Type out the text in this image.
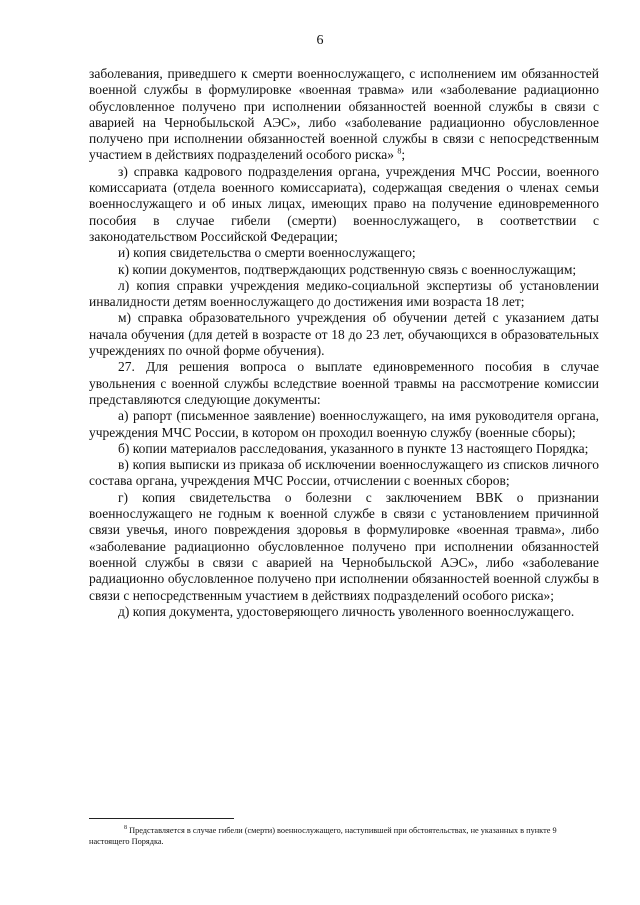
6

заболевания, приведшего к смерти военнослужащего, с исполнением им обязанностей военной службы в формулировке «военная травма» или «заболевание радиационно обусловленное получено при исполнении обязанностей военной службы в связи с аварией на Чернобыльской АЭС», либо «заболевание радиационно обусловленное получено при исполнении обязанностей военной службы в связи с непосредственным участием в действиях подразделений особого риска» $^8$;

з) справка кадрового подразделения органа, учреждения МЧС России, военного комиссариата (отдела военного комиссариата), содержащая сведения о членах семьи военнослужащего и об иных лицах, имеющих право на получение единовременного пособия в случае гибели (смерти) военнослужащего, в соответствии с законодательством Российской Федерации;

и) копия свидетельства о смерти военнослужащего;

к) копии документов, подтверждающих родственную связь с военнослужащим;

л) копия справки учреждения медико-социальной экспертизы об установлении инвалидности детям военнослужащего до достижения ими возраста 18 лет;

м) справка образовательного учреждения об обучении детей с указанием даты начала обучения (для детей в возрасте от 18 до 23 лет, обучающихся в образовательных учреждениях по очной форме обучения).

27. Для решения вопроса о выплате единовременного пособия в случае увольнения с военной службы вследствие военной травмы на рассмотрение комиссии представляются следующие документы:

а) рапорт (письменное заявление) военнослужащего, на имя руководителя органа, учреждения МЧС России, в котором он проходил военную службу (военные сборы);

б) копии материалов расследования, указанного в пункте 13 настоящего Порядка;

в) копия выписки из приказа об исключении военнослужащего из списков личного состава органа, учреждения МЧС России, отчислении с военных сборов;

г) копия свидетельства о болезни с заключением ВВК о признании военнослужащего не годным к военной службе в связи с установлением причинной связи увечья, иного повреждения здоровья в формулировке «военная травма», либо «заболевание радиационно обусловленное получено при исполнении обязанностей военной службы в связи с аварией на Чернобыльской АЭС», либо «заболевание радиационно обусловленное получено при исполнении обязанностей военной службы в связи с непосредственным участием в действиях подразделений особого риска»;

д) копия документа, удостоверяющего личность уволенного военнослужащего.

$^8$ Представляется в случае гибели (смерти) военнослужащего, наступившей при обстоятельствах, не указанных в пункте 9 настоящего Порядка.
